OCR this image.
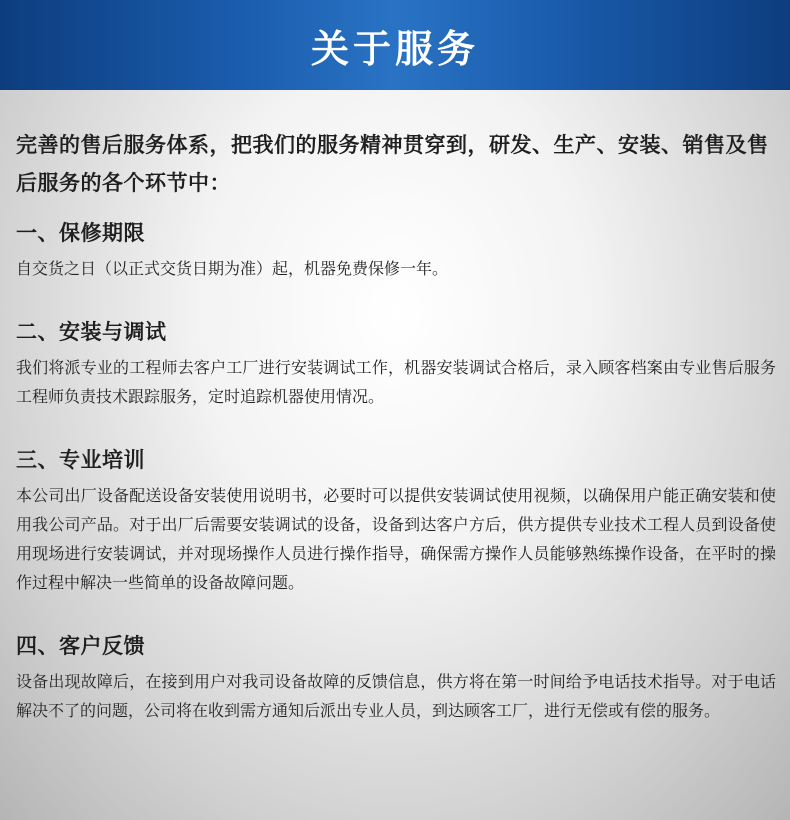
关于服务

完善的售后服务体系，把我们的服务精神贯穿到，研发、生产、安装、销售及售后服务的各个环节中：

一、保修期限

自交货之日（以正式交货日期为准）起，机器免费保修一年。

二、安装与调试

我们将派专业的工程师去客户工厂进行安装调试工作，机器安装调试合格后，录入顾客档案由专业售后服务工程师负责技术跟踪服务，定时追踪机器使用情况。

三、专业培训

本公司出厂设备配送设备安装使用说明书，必要时可以提供安装调试使用视频，以确保用户能正确安装和使用我公司产品。对于出厂后需要安装调试的设备，设备到达客户方后，供方提供专业技术工程人员到设备使用现场进行安装调试，并对现场操作人员进行操作指导，确保需方操作人员能够熟练操作设备，在平时的操作过程中解决一些简单的设备故障问题。

四、客户反馈

设备出现故障后，在接到用户对我司设备故障的反馈信息，供方将在第一时间给予电话技术指导。对于电话解决不了的问题，公司将在收到需方通知后派出专业人员，到达顾客工厂，进行无偿或有偿的服务。
